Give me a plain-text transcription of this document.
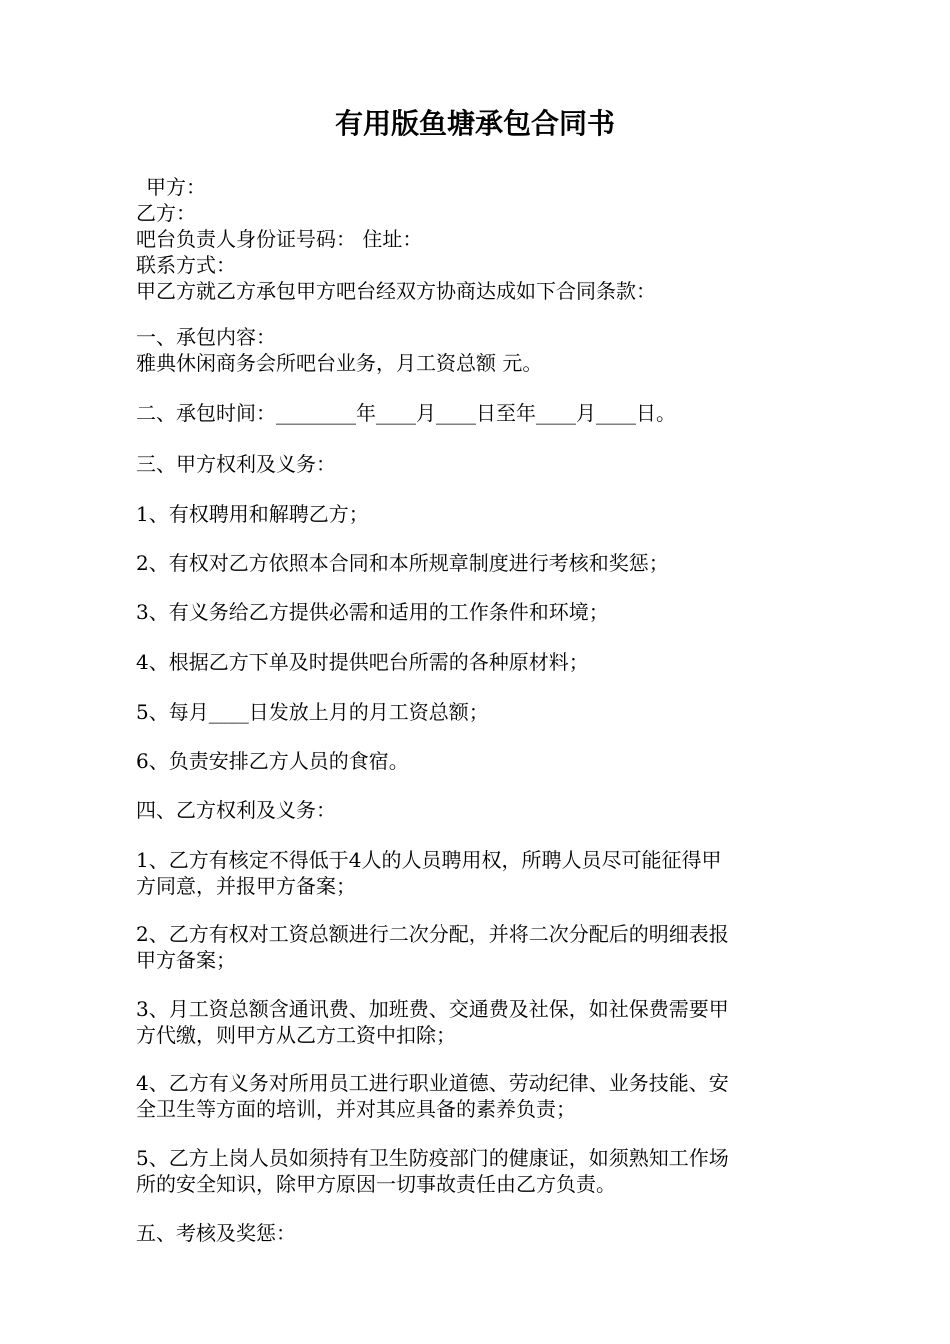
有用版鱼塘承包合同书

甲方：

乙方：

吧台负责人身份证号码： 住址：

联系方式：

甲乙方就乙方承包甲方吧台经双方协商达成如下合同条款：

一、承包内容：

雅典休闲商务会所吧台业务，月工资总额 元。

二、承包时间：________年____月____日至年____月____日。

三、甲方权利及义务：

1、有权聘用和解聘乙方；

2、有权对乙方依照本合同和本所规章制度进行考核和奖惩；

3、有义务给乙方提供必需和适用的工作条件和环境；

4、根据乙方下单及时提供吧台所需的各种原材料；

5、每月____日发放上月的月工资总额；

6、负责安排乙方人员的食宿。

四、乙方权利及义务：

1、乙方有核定不得低于4人的人员聘用权，所聘人员尽可能征得甲

方同意，并报甲方备案；

2、乙方有权对工资总额进行二次分配，并将二次分配后的明细表报

甲方备案；

3、月工资总额含通讯费、加班费、交通费及社保，如社保费需要甲

方代缴，则甲方从乙方工资中扣除；

4、乙方有义务对所用员工进行职业道德、劳动纪律、业务技能、安

全卫生等方面的培训，并对其应具备的素养负责；

5、乙方上岗人员如须持有卫生防疫部门的健康证，如须熟知工作场

所的安全知识，除甲方原因一切事故责任由乙方负责。

五、考核及奖惩：
